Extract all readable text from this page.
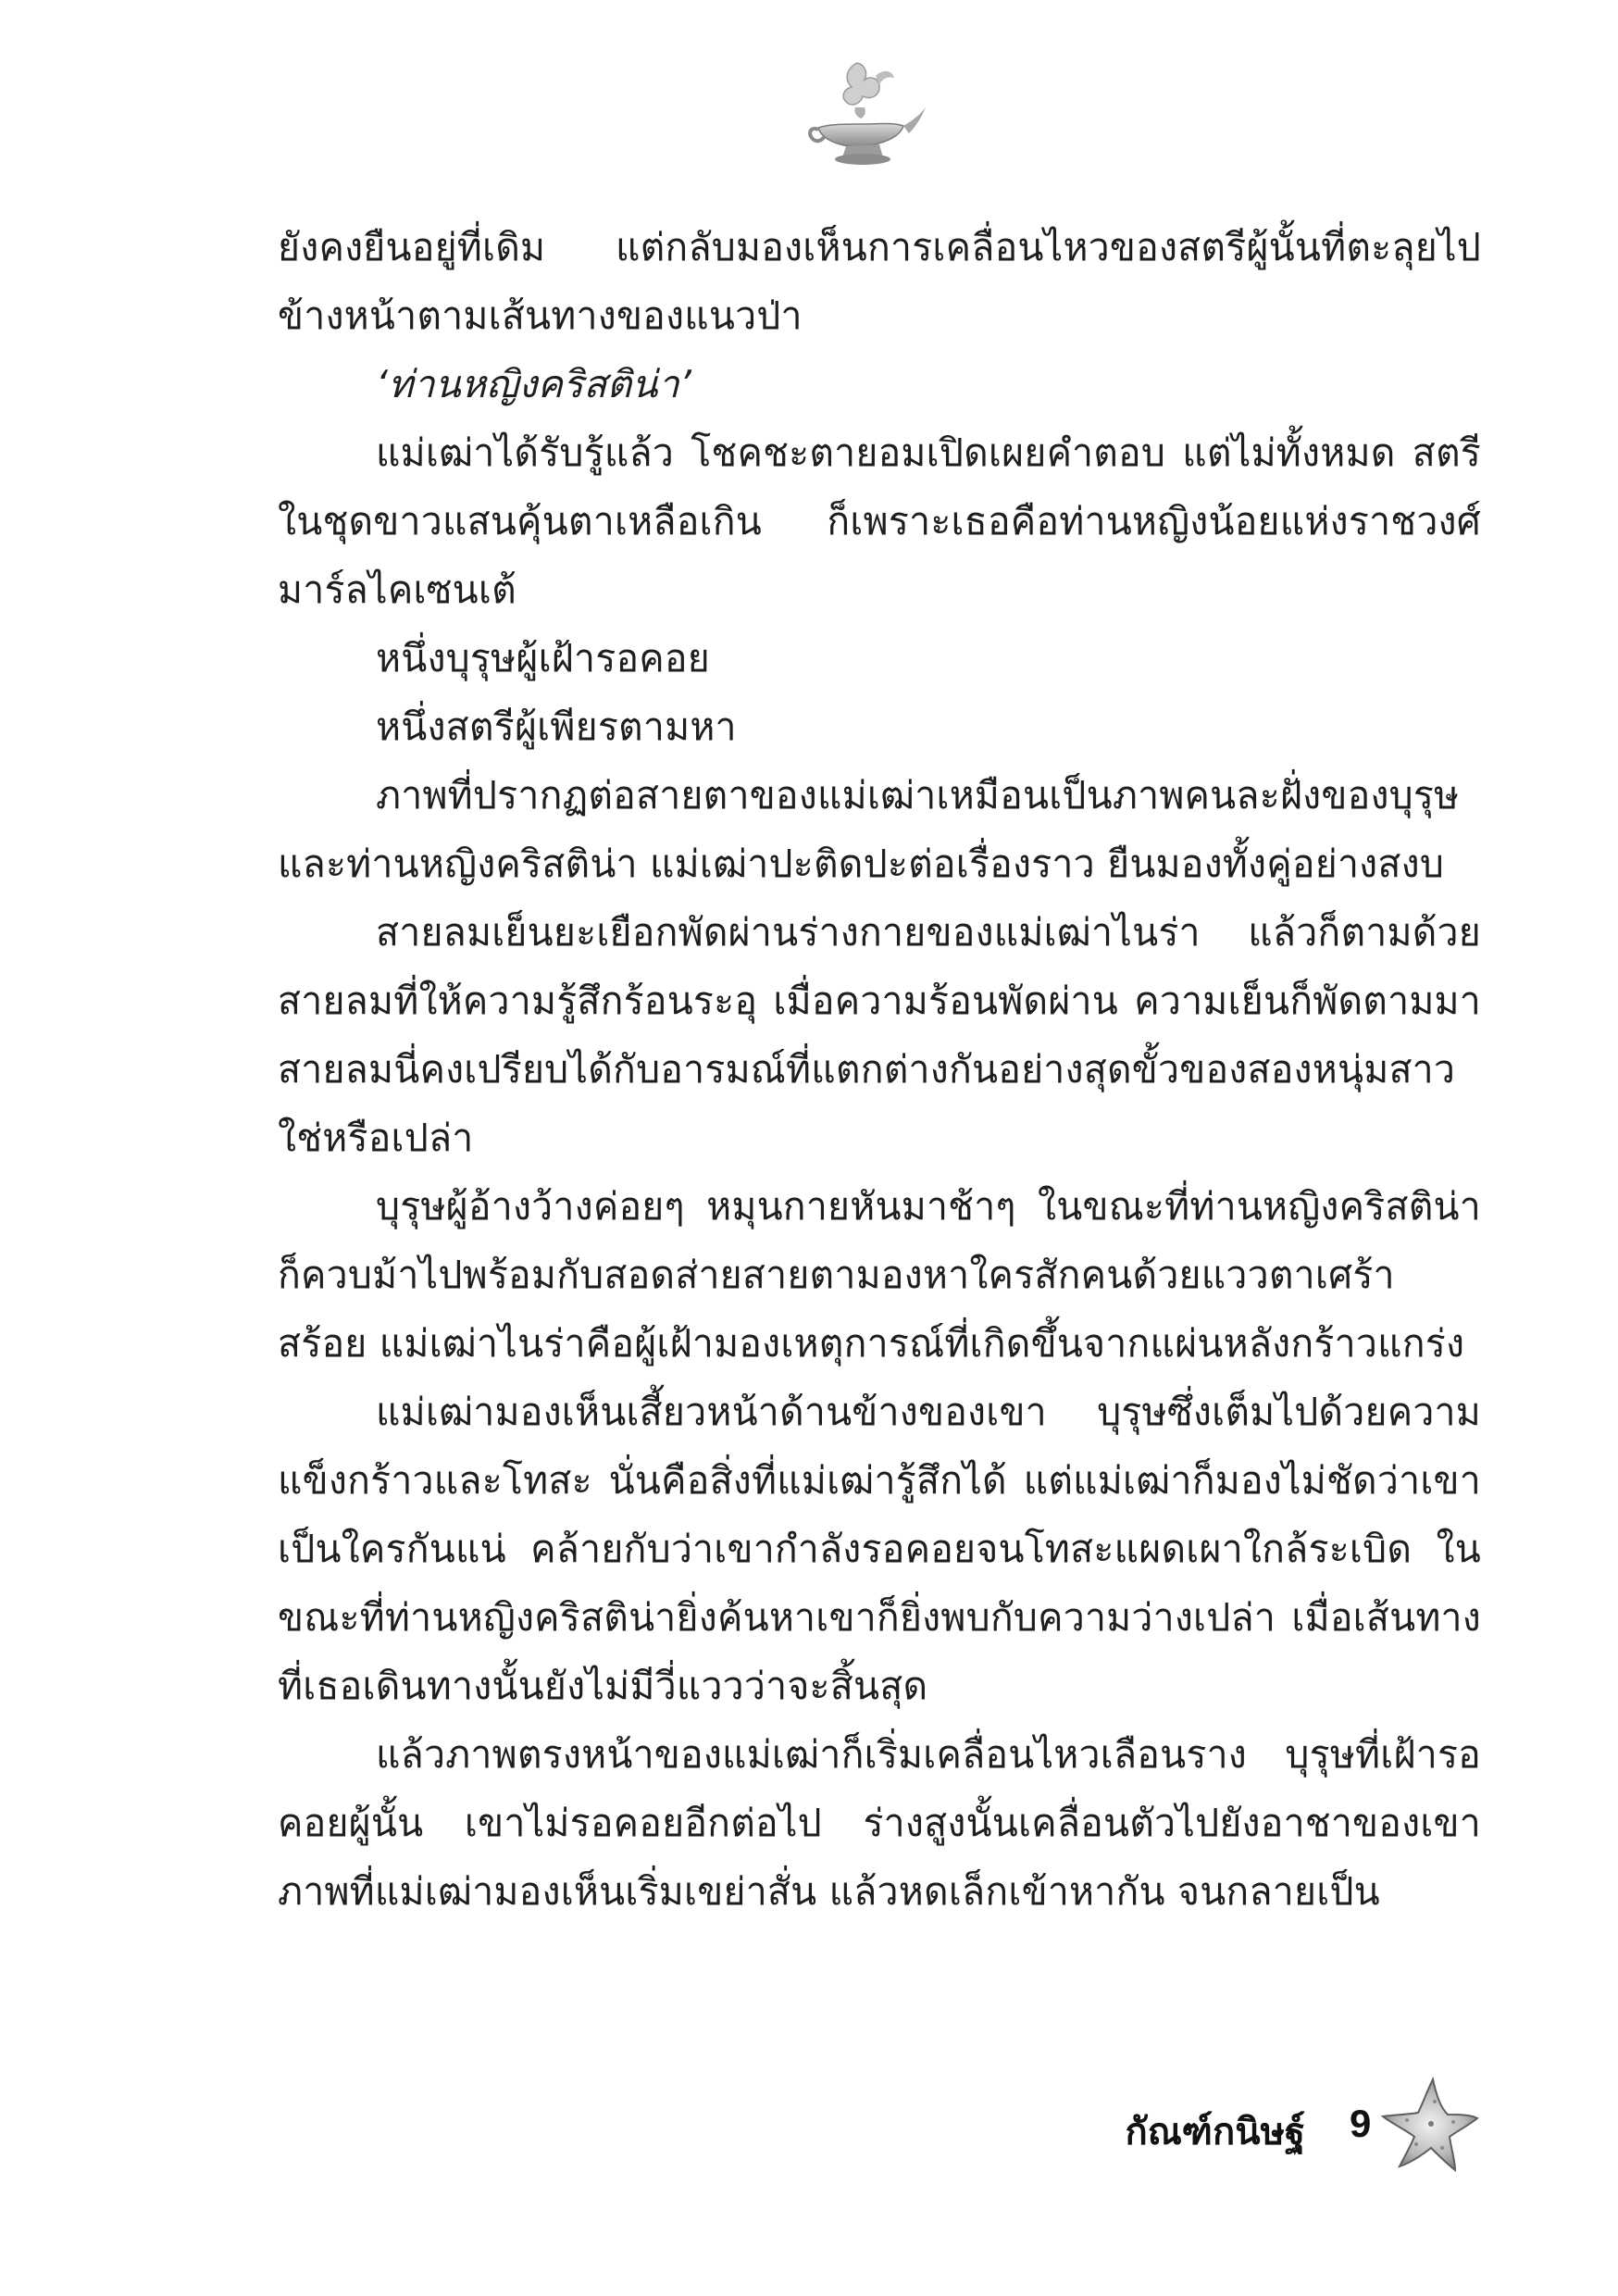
ยังคงยืนอยู่ที่เดิม แต่กลับมองเห็นการเคลื่อนไหวของสตรีผู้นั้นที่ตะลุยไปข้างหน้าตามเส้นทางของแนวป่า

‘ท่านหญิงคริสติน่า’

แม่เฒ่าได้รับรู้แล้ว โชคชะตายอมเปิดเผยคำตอบ แต่ไม่ทั้งหมด สตรีในชุดขาวแสนคุ้นตาเหลือเกิน ก็เพราะเธอคือท่านหญิงน้อยแห่งราชวงศ์มาร์ลไคเซนเต้

หนึ่งบุรุษผู้เฝ้ารอคอย

หนึ่งสตรีผู้เพียรตามหา

ภาพที่ปรากฏต่อสายตาของแม่เฒ่าเหมือนเป็นภาพคนละฝั่งของบุรุษและท่านหญิงคริสติน่า แม่เฒ่าปะติดปะต่อเรื่องราว ยืนมองทั้งคู่อย่างสงบ

สายลมเย็นยะเยือกพัดผ่านร่างกายของแม่เฒ่าไนร่า แล้วก็ตามด้วยสายลมที่ให้ความรู้สึกร้อนระอุ เมื่อความร้อนพัดผ่าน ความเย็นก็พัดตามมา สายลมนี่คงเปรียบได้กับอารมณ์ที่แตกต่างกันอย่างสุดขั้วของสองหนุ่มสาวใช่หรือเปล่า

บุรุษผู้อ้างว้างค่อยๆ หมุนกายหันมาช้าๆ ในขณะที่ท่านหญิงคริสติน่าก็ควบม้าไปพร้อมกับสอดส่ายสายตามองหาใครสักคนด้วยแววตาเศร้าสร้อย แม่เฒ่าไนร่าคือผู้เฝ้ามองเหตุการณ์ที่เกิดขึ้นจากแผ่นหลังกร้าวแกร่ง

แม่เฒ่ามองเห็นเสี้ยวหน้าด้านข้างของเขา บุรุษซึ่งเต็มไปด้วยความแข็งกร้าวและโทสะ นั่นคือสิ่งที่แม่เฒ่ารู้สึกได้ แต่แม่เฒ่าก็มองไม่ชัดว่าเขาเป็นใครกันแน่ คล้ายกับว่าเขากำลังรอคอยจนโทสะแผดเผาใกล้ระเบิด ในขณะที่ท่านหญิงคริสติน่ายิ่งค้นหาเขาก็ยิ่งพบกับความว่างเปล่า เมื่อเส้นทางที่เธอเดินทางนั้นยังไม่มีวี่แววว่าจะสิ้นสุด

แล้วภาพตรงหน้าของแม่เฒ่าก็เริ่มเคลื่อนไหวเลือนราง บุรุษที่เฝ้ารอคอยผู้นั้น เขาไม่รอคอยอีกต่อไป ร่างสูงนั้นเคลื่อนตัวไปยังอาชาของเขา ภาพที่แม่เฒ่ามองเห็นเริ่มเขย่าสั่น แล้วหดเล็กเข้าหากัน จนกลายเป็น

กัณฑ์กนิษฐ์ 9
